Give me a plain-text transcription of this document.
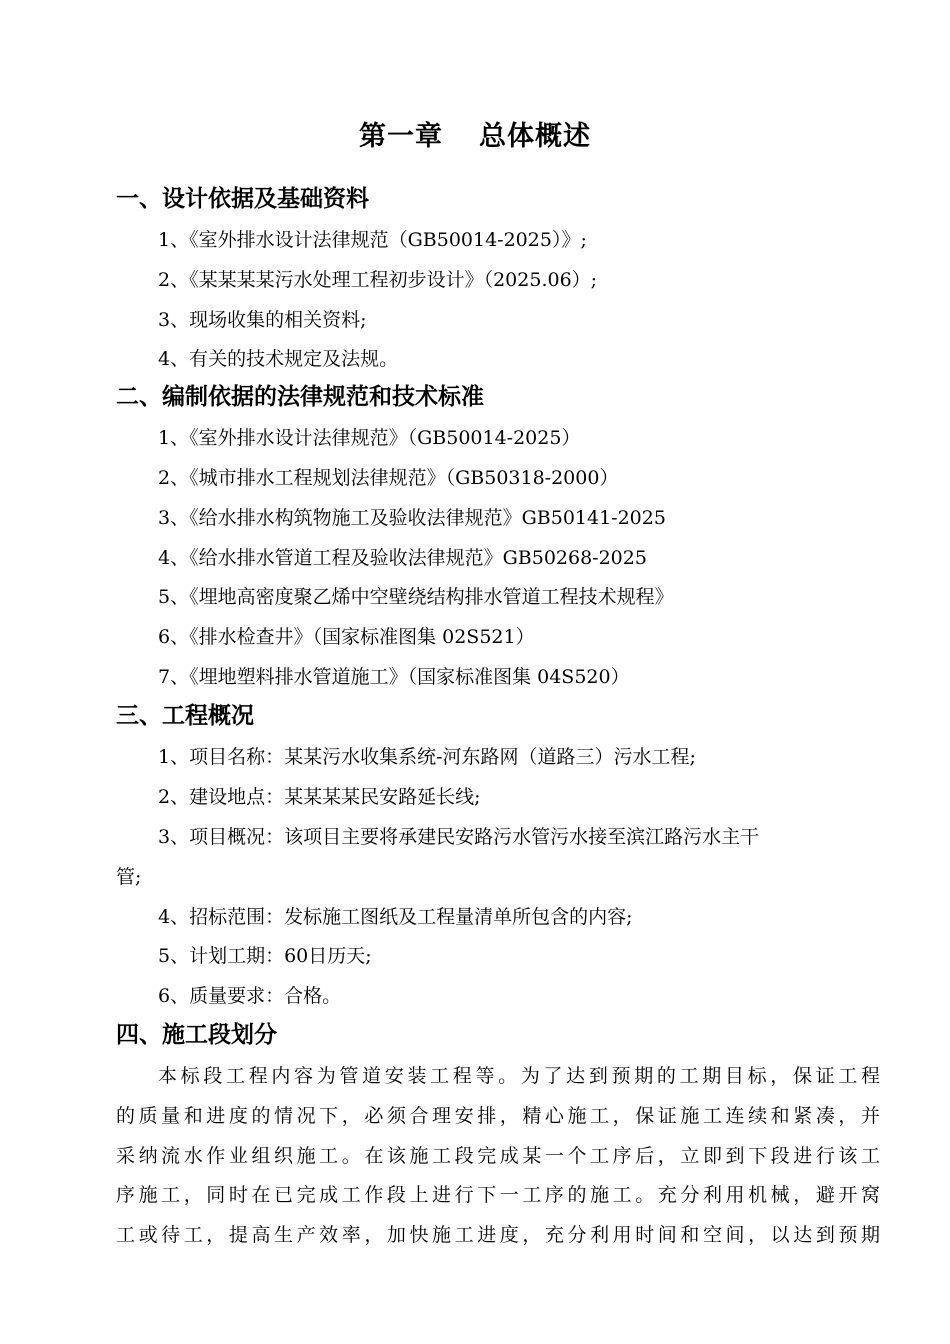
第一章 总体概述
一、设计依据及基础资料
1、《室外排水设计法律规范（GB50014-2025）》;
2、《某某某某污水处理工程初步设计》（2025.06）;
3、现场收集的相关资料;
4、有关的技术规定及法规。
二、编制依据的法律规范和技术标准
1、《室外排水设计法律规范》（GB50014-2025）
2、《城市排水工程规划法律规范》（GB50318-2000）
3、《给水排水构筑物施工及验收法律规范》GB50141-2025
4、《给水排水管道工程及验收法律规范》GB50268-2025
5、《埋地高密度聚乙烯中空壁绕结构排水管道工程技术规程》
6、《排水检查井》（国家标准图集 02S521）
7、《埋地塑料排水管道施工》（国家标准图集 04S520）
三、工程概况
1、项目名称：某某污水收集系统-河东路网（道路三）污水工程;
2、建设地点：某某某某民安路延长线;
3、项目概况：该项目主要将承建民安路污水管污水接至滨江路污水主干
管;
4、招标范围：发标施工图纸及工程量清单所包含的内容;
5、计划工期：60日历天;
6、质量要求：合格。
四、施工段划分
本标段工程内容为管道安装工程等。为了达到预期的工期目标，保证工程
的质量和进度的情况下，必须合理安排，精心施工，保证施工连续和紧凑，并
采纳流水作业组织施工。在该施工段完成某一个工序后，立即到下段进行该工
序施工，同时在已完成工作段上进行下一工序的施工。充分利用机械，避开窝
工或待工，提高生产效率，加快施工进度，充分利用时间和空间，以达到预期
